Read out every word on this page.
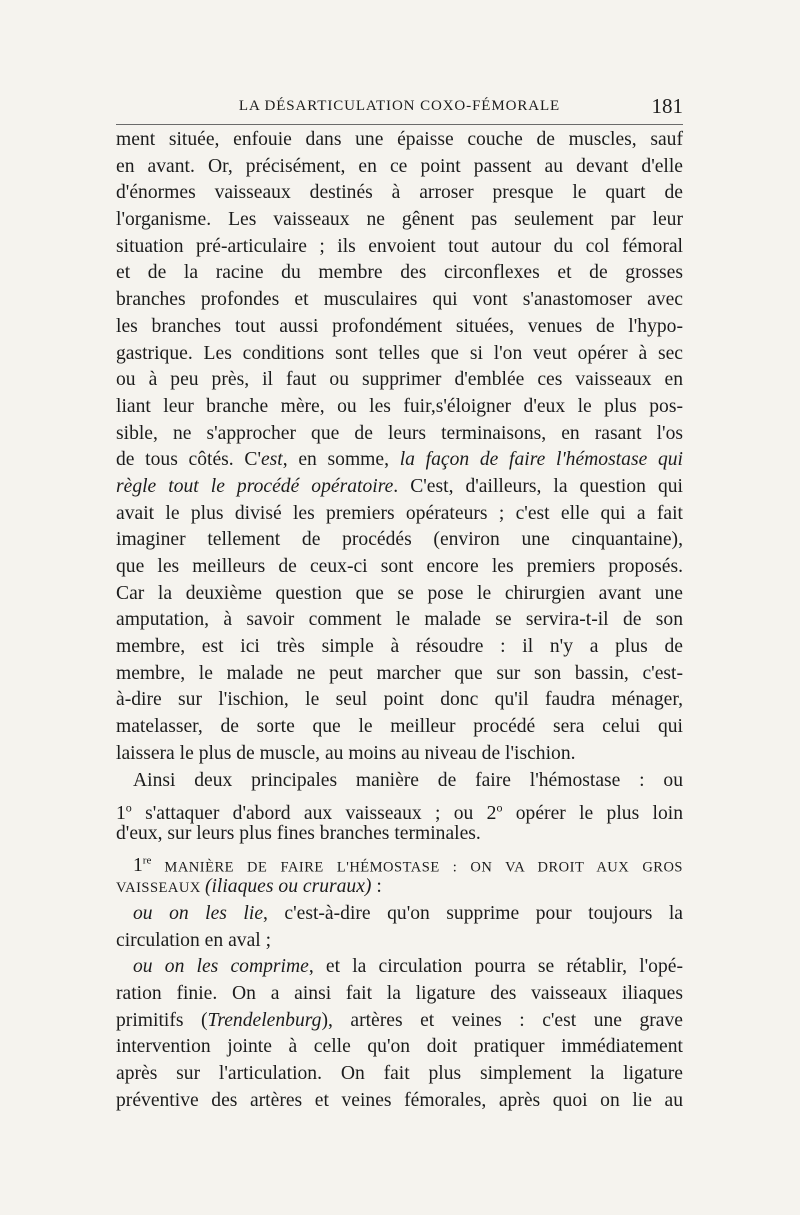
LA DÉSARTICULATION COXO-FÉMORALE	181
ment située, enfouie dans une épaisse couche de muscles, sauf
en avant. Or, précisément, en ce point passent au devant d'elle
d'énormes vaisseaux destinés à arroser presque le quart de
l'organisme. Les vaisseaux ne gênent pas seulement par leur
situation pré-articulaire ; ils envoient tout autour du col fémoral
et de la racine du membre des circonflexes et de grosses
branches profondes et musculaires qui vont s'anastomoser avec
les branches tout aussi profondément situées, venues de l'hypo-
gastrique. Les conditions sont telles que si l'on veut opérer à sec
ou à peu près, il faut ou supprimer d'emblée ces vaisseaux en
liant leur branche mère, ou les fuir,s'éloigner d'eux le plus pos-
sible, ne s'approcher que de leurs terminaisons, en rasant l'os
de tous côtés. C'est, en somme, la façon de faire l'hémostase qui
règle tout le procédé opératoire. C'est, d'ailleurs, la question qui
avait le plus divisé les premiers opérateurs ; c'est elle qui a fait
imaginer tellement de procédés (environ une cinquantaine),
que les meilleurs de ceux-ci sont encore les premiers proposés.
Car la deuxième question que se pose le chirurgien avant une
amputation, à savoir comment le malade se servira-t-il de son
membre, est ici très simple à résoudre : il n'y a plus de
membre, le malade ne peut marcher que sur son bassin, c'est-
à-dire sur l'ischion, le seul point donc qu'il faudra ménager,
matelasser, de sorte que le meilleur procédé sera celui qui
laissera le plus de muscle, au moins au niveau de l'ischion.
Ainsi deux principales manière de faire l'hémostase : ou
1$^o$ s'attaquer d'abord aux vaisseaux ; ou 2$^o$ opérer le plus loin
d'eux, sur leurs plus fines branches terminales.
1re MANIÈRE DE FAIRE L'HÉMOSTASE : ON VA DROIT AUX GROS
VAISSEAUX (iliaques ou cruraux) :
ou on les lie, c'est-à-dire qu'on supprime pour toujours la
circulation en aval ;
ou on les comprime, et la circulation pourra se rétablir, l'opé-
ration finie. On a ainsi fait la ligature des vaisseaux iliaques
primitifs (Trendelenburg), artères et veines : c'est une grave
intervention jointe à celle qu'on doit pratiquer immédiatement
après sur l'articulation. On fait plus simplement la ligature
préventive des artères et veines fémorales, après quoi on lie au
